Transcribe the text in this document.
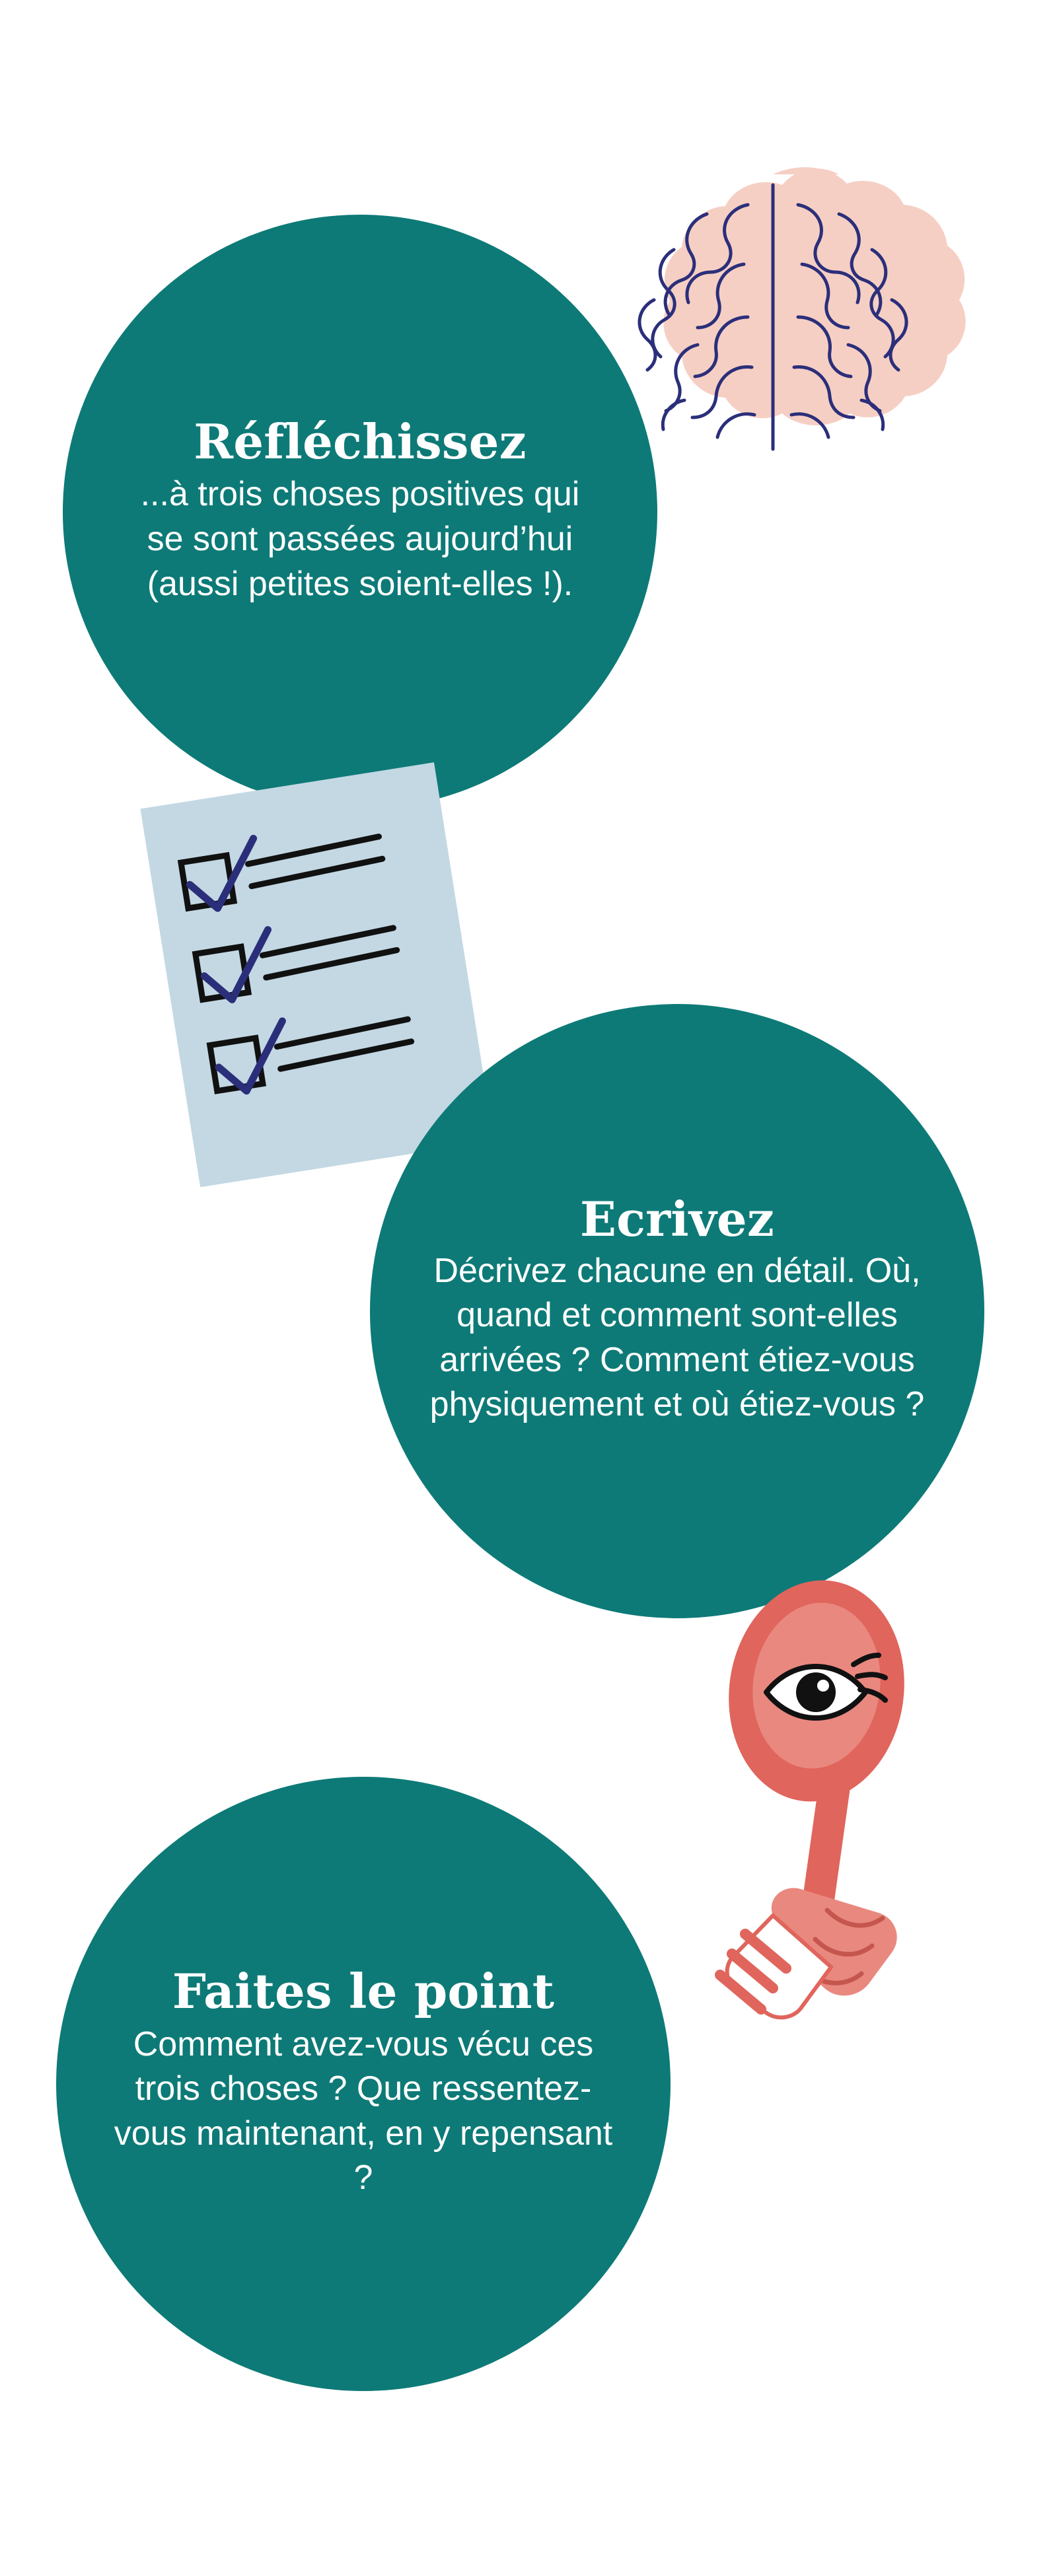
Réfléchissez
...à trois choses positives qui se sont passées aujourd’hui (aussi petites soient-elles !).
Ecrivez
Décrivez chacune en détail. Où, quand et comment sont-elles arrivées ? Comment étiez-vous physiquement et où étiez-vous ?
Faites le point
Comment avez-vous vécu ces trois choses ? Que ressentez-vous maintenant, en y repensant ?
